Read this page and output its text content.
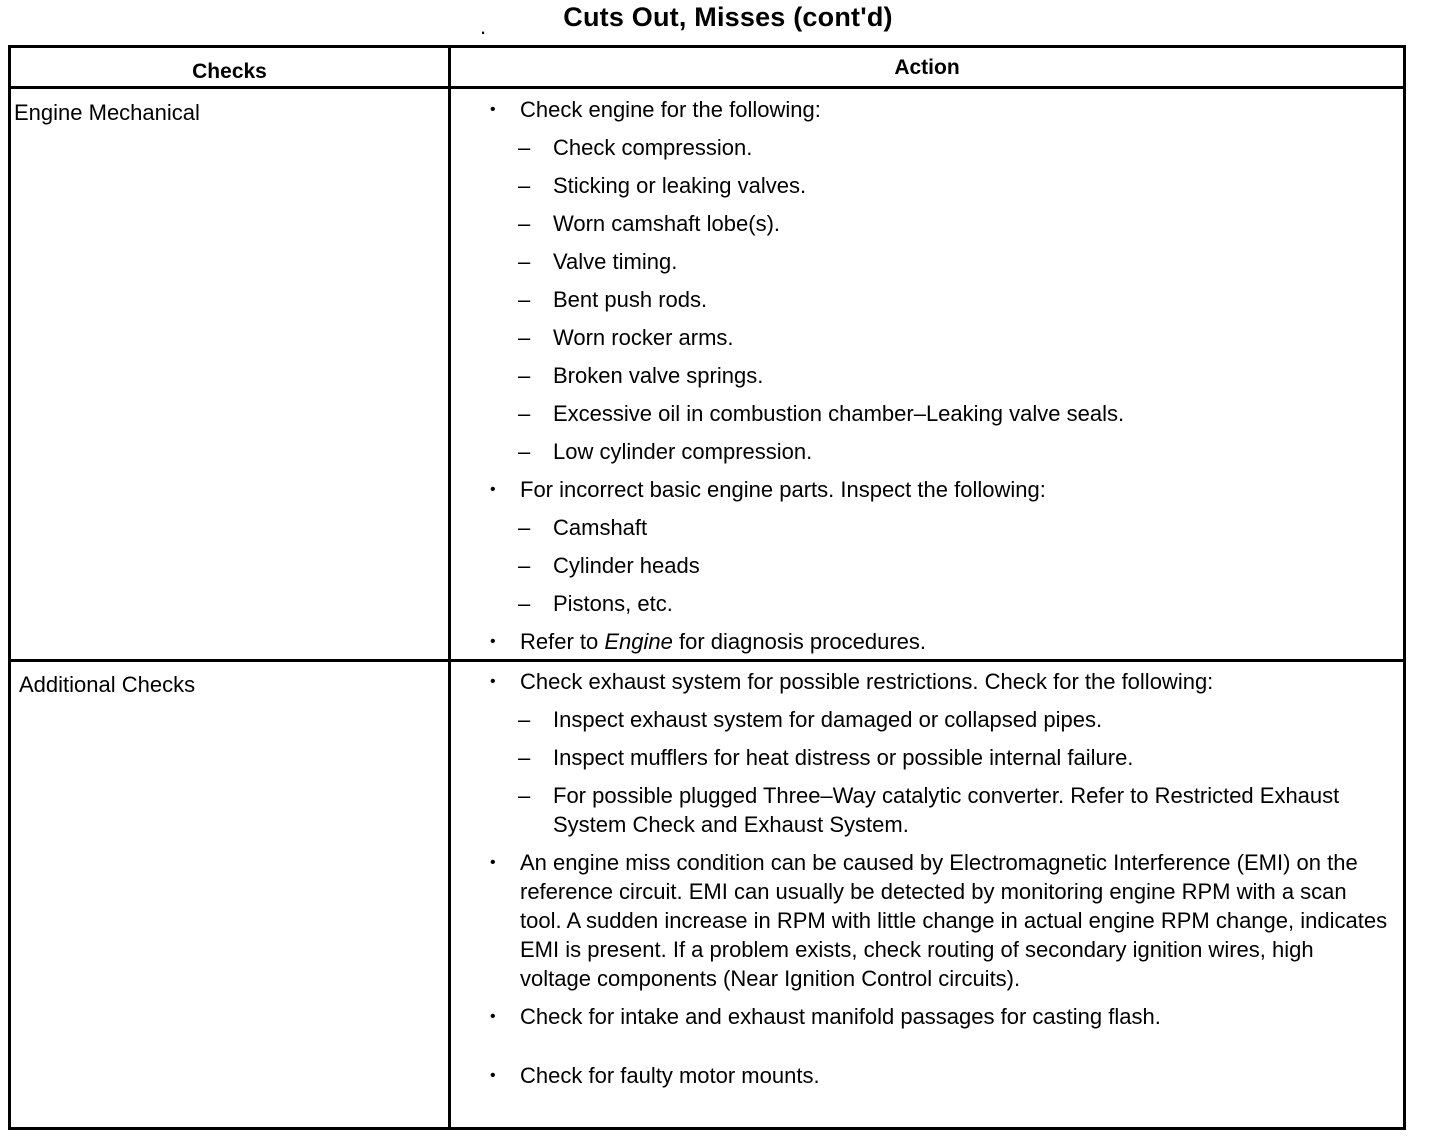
.	Cuts Out, Misses (cont'd)
Checks	Action
Engine Mechanical	• Check engine for the following:
– Check compression.
– Sticking or leaking valves.
– Worn camshaft lobe(s).
– Valve timing.
– Bent push rods.
– Worn rocker arms.
– Broken valve springs.
– Excessive oil in combustion chamber–Leaking valve seals.
– Low cylinder compression.
• For incorrect basic engine parts. Inspect the following:
– Camshaft
– Cylinder heads
– Pistons, etc.
• Refer to Engine for diagnosis procedures.
Additional Checks	• Check exhaust system for possible restrictions. Check for the following:
– Inspect exhaust system for damaged or collapsed pipes.
– Inspect mufflers for heat distress or possible internal failure.
– For possible plugged Three–Way catalytic converter. Refer to Restricted Exhaust System Check and Exhaust System.
• An engine miss condition can be caused by Electromagnetic Interference (EMI) on the reference circuit. EMI can usually be detected by monitoring engine RPM with a scan tool. A sudden increase in RPM with little change in actual engine RPM change, indicates EMI is present. If a problem exists, check routing of secondary ignition wires, high voltage components (Near Ignition Control circuits).
• Check for intake and exhaust manifold passages for casting flash.
• Check for faulty motor mounts.
